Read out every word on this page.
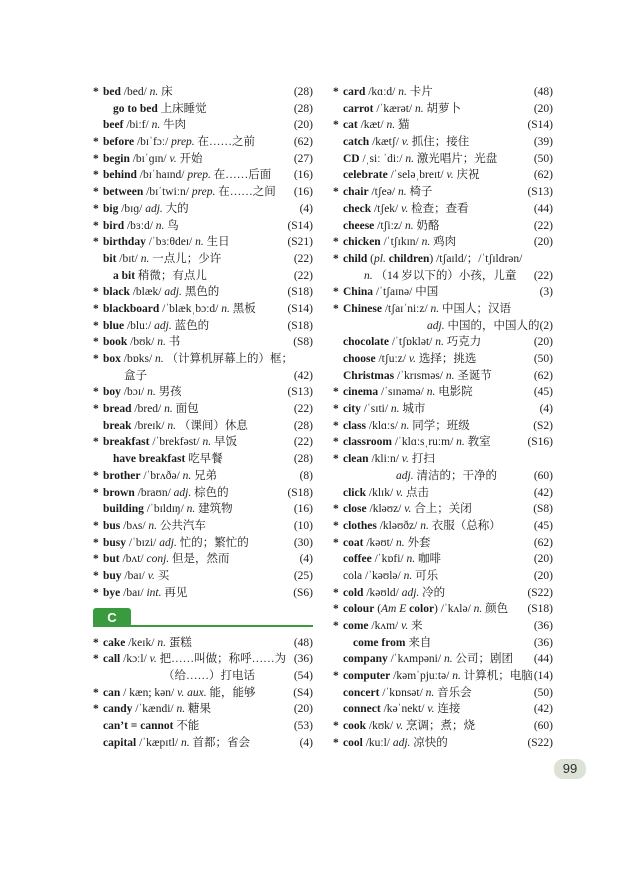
* bed /bed/ n. 床	(28)
go to bed 上床睡觉	(28)
beef /biːf/ n. 牛肉	(20)
* before /bɪˈfɔː/ prep. 在……之前	(62)
* begin /bɪˈɡɪn/ v. 开始	(27)
* behind /bɪˈhaɪnd/ prep. 在……后面	(16)
* between /bɪˈtwiːn/ prep. 在……之间	(16)
* big /bɪɡ/ adj. 大的	(4)
* bird /bɜːd/ n. 鸟	(S14)
* birthday /ˈbɜːθdeɪ/ n. 生日	(S21)
bit /bɪt/ n. 一点儿；少许	(22)
a bit 稍微；有点儿	(22)
* black /blæk/ adj. 黑色的	(S18)
* blackboard /ˈblækˌbɔːd/ n. 黑板	(S14)
* blue /bluː/ adj. 蓝色的	(S18)
* book /bʊk/ n. 书	(S8)
* box /bɒks/ n. （计算机屏幕上的）框；
盒子	(42)
* boy /bɔɪ/ n. 男孩	(S13)
* bread /bred/ n. 面包	(22)
break /breɪk/ n. （课间）休息	(28)
* breakfast /ˈbrekfəst/ n. 早饭	(22)
have breakfast 吃早餐	(28)
* brother /ˈbrʌðə/ n. 兄弟	(8)
* brown /braʊn/ adj. 棕色的	(S18)
building /ˈbɪldɪŋ/ n. 建筑物	(16)
* bus /bʌs/ n. 公共汽车	(10)
* busy /ˈbɪzi/ adj. 忙的；繁忙的	(30)
* but /bʌt/ conj. 但是，然而	(4)
* buy /baɪ/ v. 买	(25)
* bye /baɪ/ int. 再见	(S6)
C
* cake /keɪk/ n. 蛋糕	(48)
* call /kɔːl/ v. 把……叫做；称呼……为 (36)
（给……）打电话	(54)
* can / kæn; kən/ v. aux. 能，能够	(S4)
* candy /ˈkændi/ n. 糖果	(20)
can’t = cannot 不能	(53)
capital /ˈkæpɪtl/ n. 首都；省会	(4)
* card /kɑːd/ n. 卡片	(48)
carrot /ˈkærət/ n. 胡萝卜	(20)
* cat /kæt/ n. 猫	(S14)
catch /kætʃ/ v. 抓住；接住	(39)
CD /ˌsiː ˈdiː/ n. 激光唱片；光盘	(50)
celebrate /ˈseləˌbreɪt/ v. 庆祝	(62)
* chair /tʃeə/ n. 椅子	(S13)
check /tʃek/ v. 检查；查看	(44)
cheese /tʃiːz/ n. 奶酪	(22)
* chicken /ˈtʃɪkɪn/ n. 鸡肉	(20)
* child (pl. children) /tʃaɪld/；/ˈtʃɪldrən/
n. （14 岁以下的）小孩，儿童	(22)
* China /ˈtʃaɪnə/ 中国	(3)
* Chinese /tʃaɪˈniːz/ n. 中国人；汉语
adj. 中国的，中国人的 (2)
chocolate /ˈtʃɒklət/ n. 巧克力	(20)
choose /tʃuːz/ v. 选择；挑选	(50)
Christmas /ˈkrɪsməs/ n. 圣诞节	(62)
* cinema /ˈsɪnəmə/ n. 电影院	(45)
* city /ˈsɪti/ n. 城市	(4)
* class /klɑːs/ n. 同学；班级	(S2)
* classroom /ˈklɑːsˌruːm/ n. 教室	(S16)
* clean /kliːn/ v. 打扫
adj. 清洁的；干净的	(60)
click /klɪk/ v. 点击	(42)
* close /kləʊz/ v. 合上；关闭	(S8)
* clothes /kləʊðz/ n. 衣服（总称）	(45)
* coat /kəʊt/ n. 外套	(62)
coffee /ˈkɒfi/ n. 咖啡	(20)
cola /ˈkəʊlə/ n. 可乐	(20)
* cold /kəʊld/ adj. 冷的	(S22)
* colour (Am E color) /ˈkʌlə/ n. 颜色	(S18)
* come /kʌm/ v. 来	(36)
come from 来自	(36)
company /ˈkʌmpəni/ n. 公司；剧团	(44)
* computer /kəmˈpjuːtə/ n. 计算机；电脑 (14)
concert /ˈkɒnsət/ n. 音乐会	(50)
connect /kəˈnekt/ v. 连接	(42)
* cook /kʊk/ v. 烹调；煮；烧	(60)
* cool /kuːl/ adj. 凉快的	(S22)
99
